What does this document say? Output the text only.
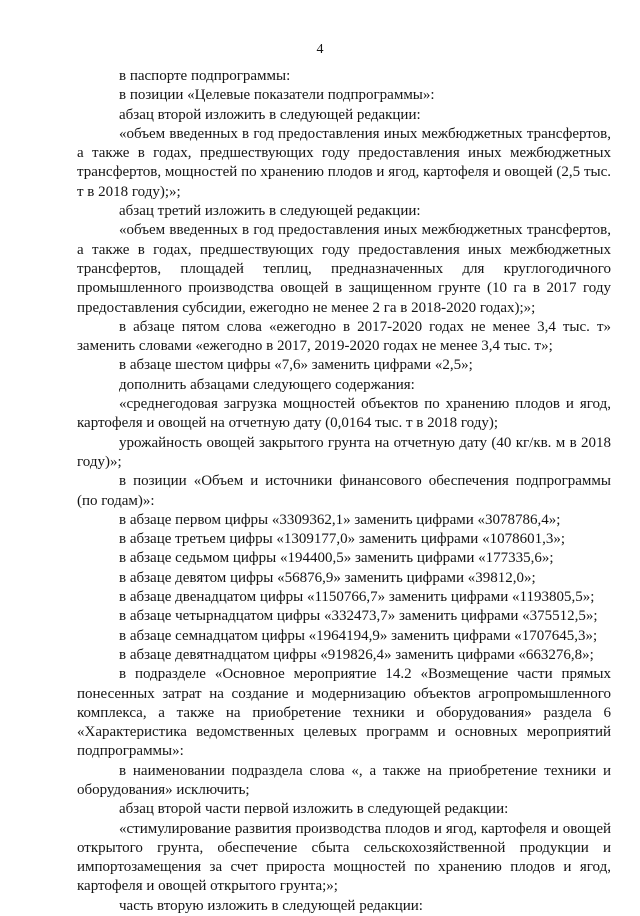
4

в паспорте подпрограммы:

в позиции «Целевые показатели подпрограммы»:

абзац второй изложить в следующей редакции:

«объем введенных в год предоставления иных межбюджетных трансфертов, а также в годах, предшествующих году предоставления иных межбюджетных трансфертов, мощностей по хранению плодов и ягод, картофеля и овощей (2,5 тыс. т в 2018 году);»;

абзац третий изложить в следующей редакции:

«объем введенных в год предоставления иных межбюджетных трансфертов, а также в годах, предшествующих году предоставления иных межбюджетных трансфертов, площадей теплиц, предназначенных для круглогодичного промышленного производства овощей в защищенном грунте (10 га в 2017 году предоставления субсидии, ежегодно не менее 2 га в 2018-2020 годах);»;

в абзаце пятом слова «ежегодно в 2017-2020 годах не менее 3,4 тыс. т» заменить словами «ежегодно в 2017, 2019-2020 годах не менее 3,4 тыс. т»;

в абзаце шестом цифры «7,6» заменить цифрами «2,5»;

дополнить абзацами следующего содержания:

«среднегодовая загрузка мощностей объектов по хранению плодов и ягод, картофеля и овощей на отчетную дату (0,0164 тыс. т в 2018 году);

урожайность овощей закрытого грунта на отчетную дату (40 кг/кв. м в 2018 году)»;

в позиции «Объем и источники финансового обеспечения подпрограммы (по годам)»:

в абзаце первом цифры «3309362,1» заменить цифрами «3078786,4»;

в абзаце третьем цифры «1309177,0» заменить цифрами «1078601,3»;

в абзаце седьмом цифры «194400,5» заменить цифрами «177335,6»;

в абзаце девятом цифры «56876,9» заменить цифрами «39812,0»;

в абзаце двенадцатом цифры «1150766,7» заменить цифрами «1193805,5»;

в абзаце четырнадцатом цифры «332473,7» заменить цифрами «375512,5»;

в абзаце семнадцатом цифры «1964194,9» заменить цифрами «1707645,3»;

в абзаце девятнадцатом цифры «919826,4» заменить цифрами «663276,8»;

в подразделе «Основное мероприятие 14.2 «Возмещение части прямых понесенных затрат на создание и модернизацию объектов агропромышленного комплекса, а также на приобретение техники и оборудования» раздела 6 «Характеристика ведомственных целевых программ и основных мероприятий подпрограммы»:

в наименовании подраздела слова «, а также на приобретение техники и оборудования» исключить;

абзац второй части первой изложить в следующей редакции:

«стимулирование развития производства плодов и ягод, картофеля и овощей открытого грунта, обеспечение сбыта сельскохозяйственной продукции и импортозамещения за счет прироста мощностей по хранению плодов и ягод, картофеля и овощей открытого грунта;»;

часть вторую изложить в следующей редакции:
